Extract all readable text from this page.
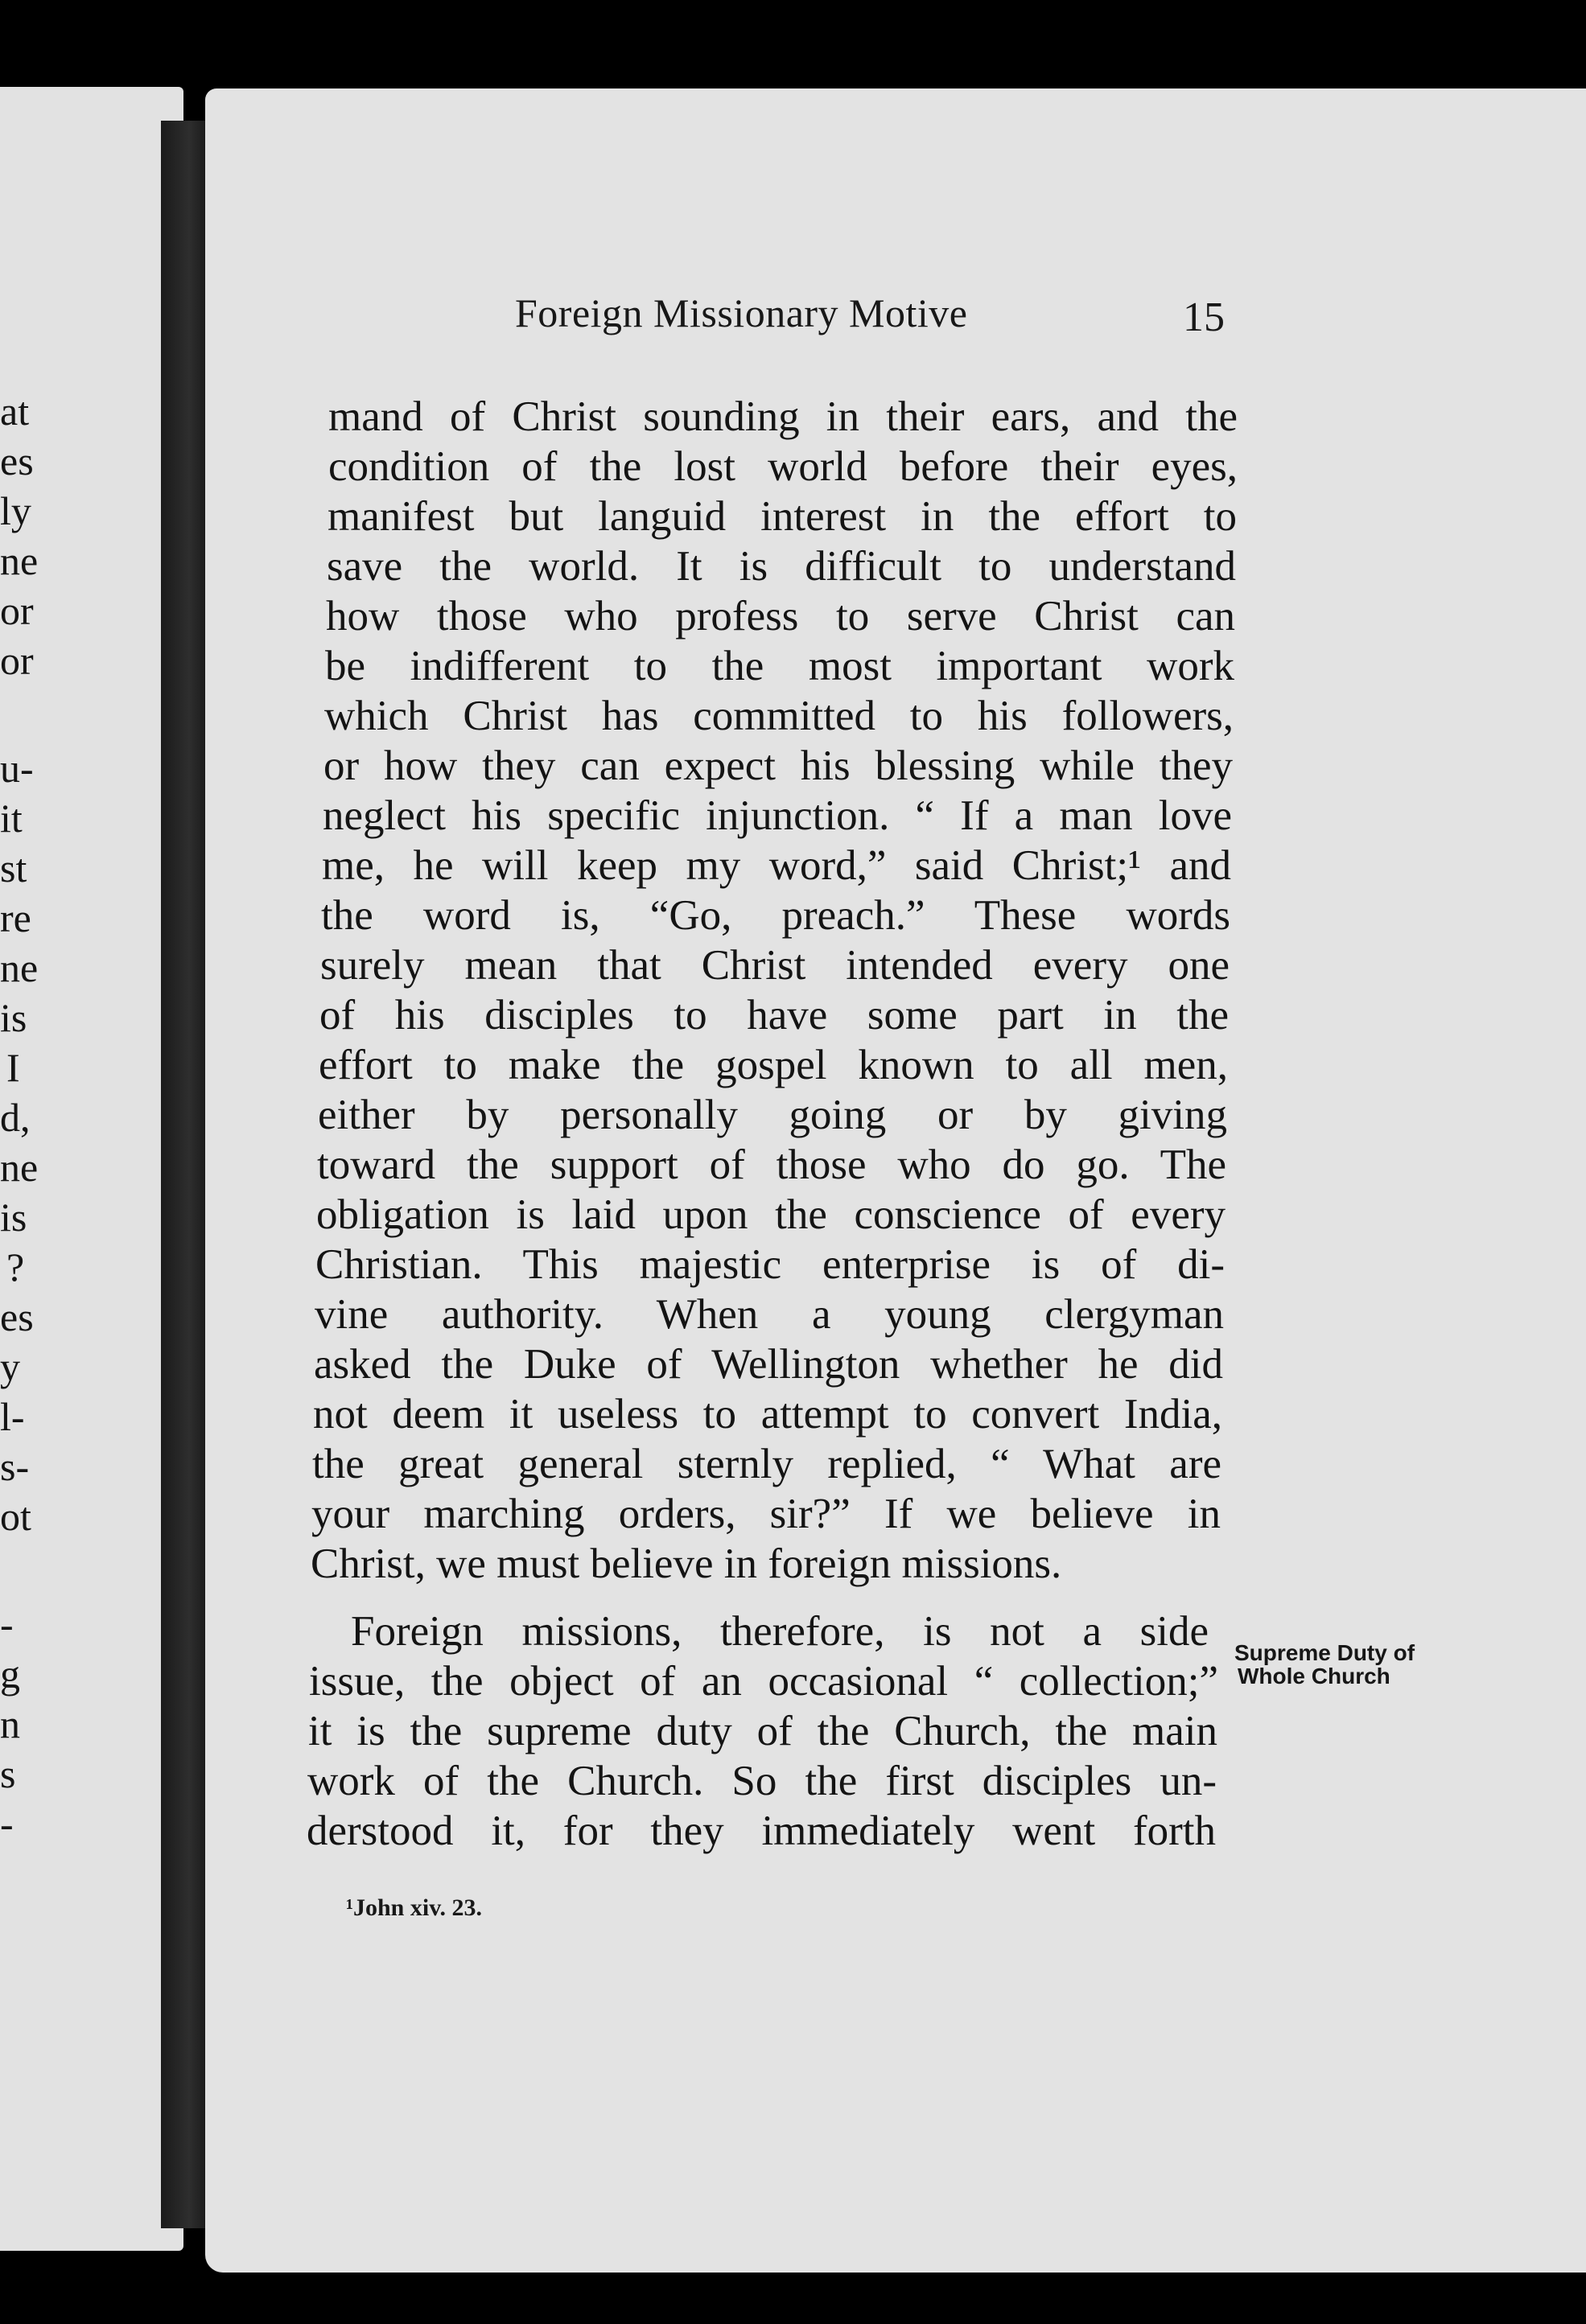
at
es
ly
ne
or
or
u-
it
st
re
ne
is
I
d,
ne
is
?
es
y
l-
s-
ot
-
g
n
s
-
Foreign Missionary Motive	15
mand of Christ sounding in their ears, and the
condition of the lost world before their eyes,
manifest but languid interest in the effort to
save the world. It is difficult to understand
how those who profess to serve Christ can
be indifferent to the most important work
which Christ has committed to his followers,
or how they can expect his blessing while they
neglect his specific injunction. “ If a man love
me, he will keep my word,” said Christ;¹ and
the word is, “Go, preach.” These words
surely mean that Christ intended every one
of his disciples to have some part in the
effort to make the gospel known to all men,
either by personally going or by giving
toward the support of those who do go. The
obligation is laid upon the conscience of every
Christian. This majestic enterprise is of di-
vine authority. When a young clergyman
asked the Duke of Wellington whether he did
not deem it useless to attempt to convert India,
the great general sternly replied, “ What are
your marching orders, sir?” If we believe in
Christ, we must believe in foreign missions.
Foreign missions, therefore, is not a side
issue, the object of an occasional “ collection;”
it is the supreme duty of the Church, the main
work of the Church. So the first disciples un-
derstood it, for they immediately went forth
Supreme Duty of
Whole Church
¹John xiv. 23.
